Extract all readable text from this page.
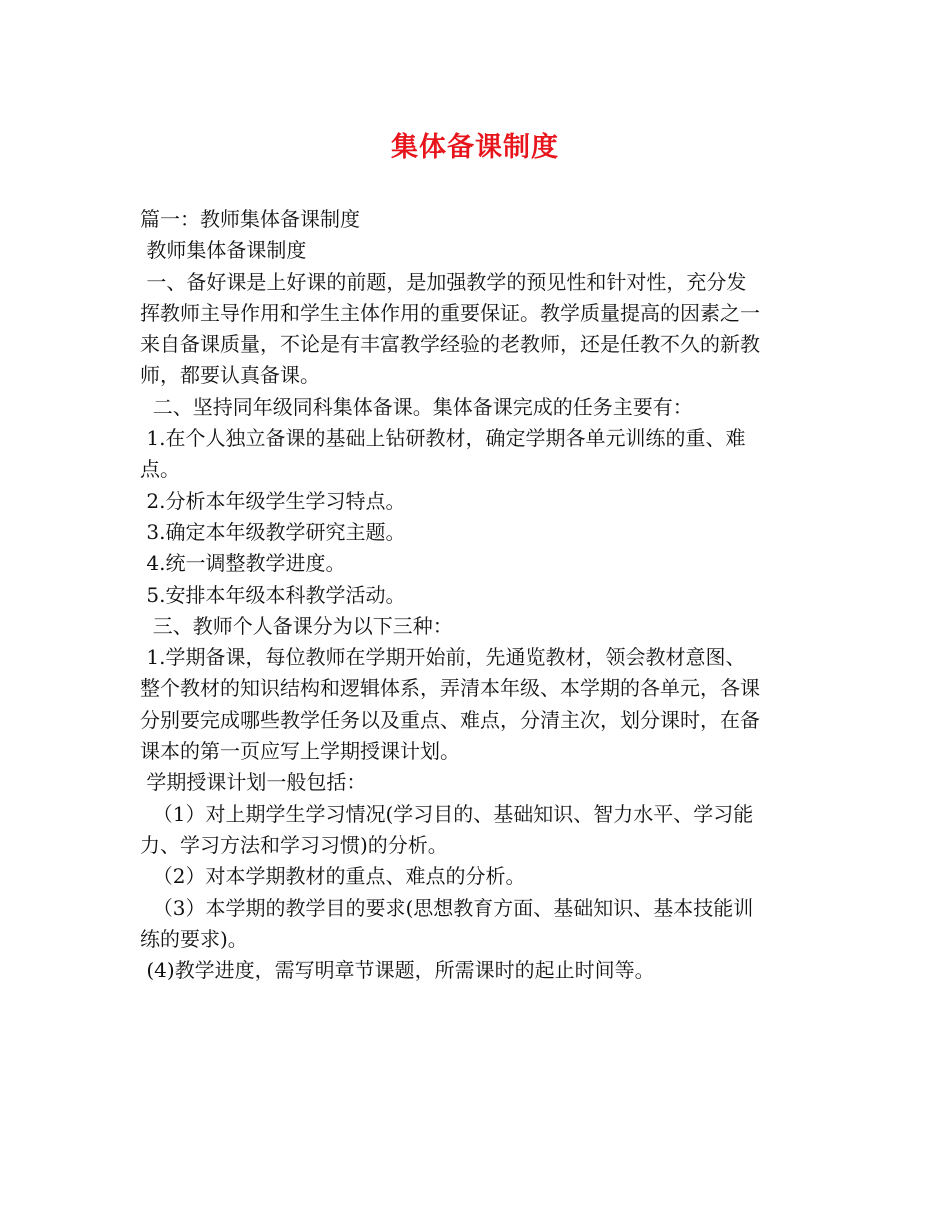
集体备课制度
篇一：教师集体备课制度
教师集体备课制度
一、备好课是上好课的前题，是加强教学的预见性和针对性，充分发
挥教师主导作用和学生主体作用的重要保证。教学质量提高的因素之一
来自备课质量，不论是有丰富教学经验的老教师，还是任教不久的新教
师，都要认真备课。
二、坚持同年级同科集体备课。集体备课完成的任务主要有：
1.在个人独立备课的基础上钻研教材，确定学期各单元训练的重、难
点。
2.分析本年级学生学习特点。
3.确定本年级教学研究主题。
4.统一调整教学进度。
5.安排本年级本科教学活动。
三、教师个人备课分为以下三种：
1.学期备课，每位教师在学期开始前，先通览教材，领会教材意图、
整个教材的知识结构和逻辑体系，弄清本年级、本学期的各单元，各课
分别要完成哪些教学任务以及重点、难点，分清主次，划分课时，在备
课本的第一页应写上学期授课计划。
学期授课计划一般包括：
（1）对上期学生学习情况(学习目的、基础知识、智力水平、学习能
力、学习方法和学习习惯)的分析。
（2）对本学期教材的重点、难点的分析。
（3）本学期的教学目的要求(思想教育方面、基础知识、基本技能训
练的要求)。
(4)教学进度，需写明章节课题，所需课时的起止时间等。
